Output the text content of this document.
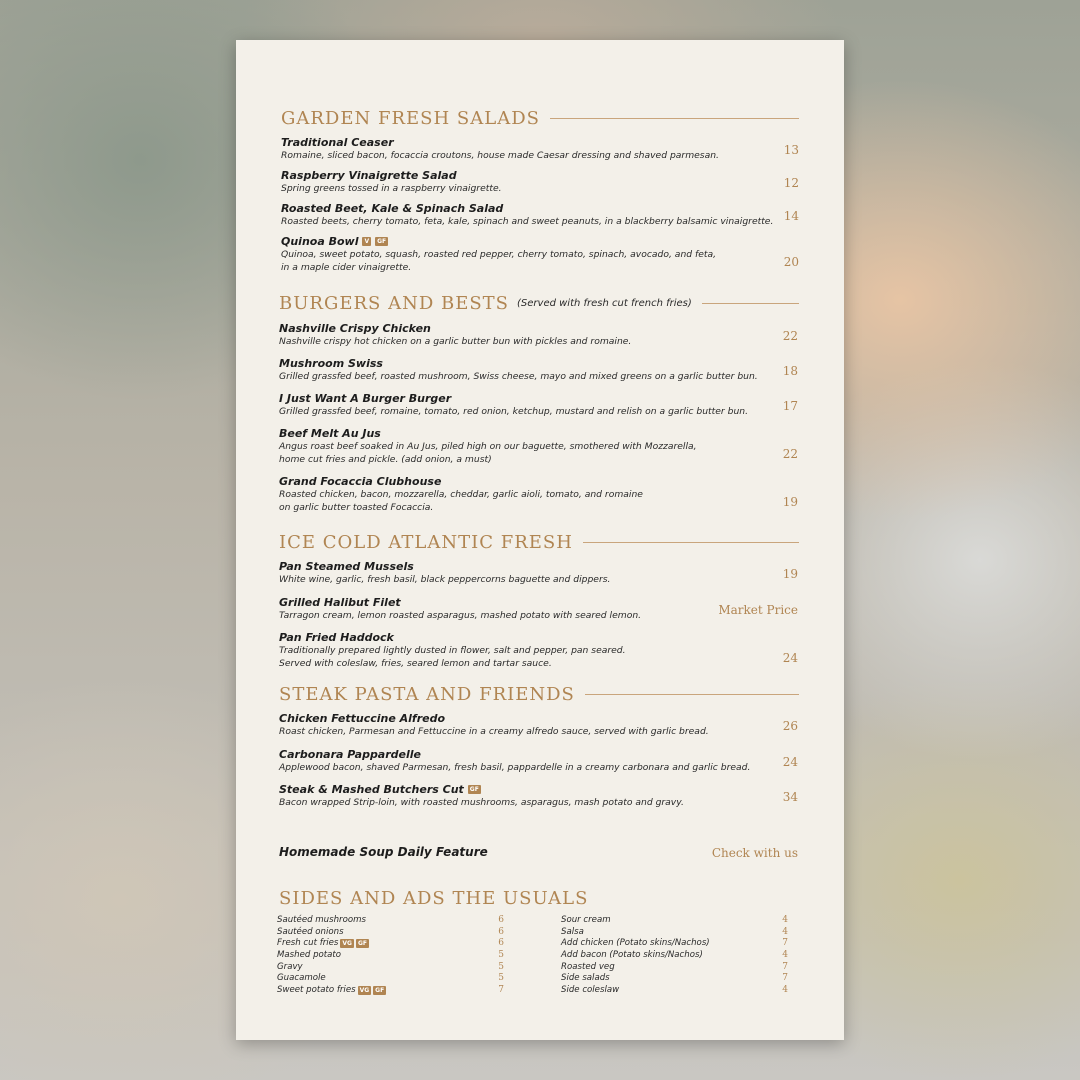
GARDEN FRESH SALADS
Traditional Ceaser
Romaine, sliced bacon, focaccia croutons, house made Caesar dressing and shaved parmesan.	13
Raspberry Vinaigrette Salad
Spring greens tossed in a raspberry vinaigrette.	12
Roasted Beet, Kale & Spinach Salad
Roasted beets, cherry tomato, feta, kale, spinach and sweet peanuts, in a blackberry balsamic vinaigrette. 14
Quinoa Bowl	V	GF
Quinoa, sweet potato, squash, roasted red pepper, cherry tomato, spinach, avocado, and feta,
in a maple cider vinaigrette.	20
BURGERS AND BESTS (Served with fresh cut french fries)
Nashville Crispy Chicken
Nashville crispy hot chicken on a garlic butter bun with pickles and romaine.	22
Mushroom Swiss
Grilled grassfed beef, roasted mushroom, Swiss cheese, mayo and mixed greens on a garlic butter bun. 18
I Just Want A Burger Burger
Grilled grassfed beef, romaine, tomato, red onion, ketchup, mustard and relish on a garlic butter bun.	17
Beef Melt Au Jus
Angus roast beef soaked in Au Jus, piled high on our baguette, smothered with Mozzarella,
home cut fries and pickle. (add onion, a must)	22
Grand Focaccia Clubhouse
Roasted chicken, bacon, mozzarella, cheddar, garlic aioli, tomato, and romaine
on garlic butter toasted Focaccia.	19
ICE COLD ATLANTIC FRESH
Pan Steamed Mussels
White wine, garlic, fresh basil, black peppercorns baguette and dippers.	19
Grilled Halibut Filet
Tarragon cream, lemon roasted asparagus, mashed potato with seared lemon.	Market Price
Pan Fried Haddock
Traditionally prepared lightly dusted in flower, salt and pepper, pan seared.
Served with coleslaw, fries, seared lemon and tartar sauce.	24
STEAK PASTA AND FRIENDS
Chicken Fettuccine Alfredo
Roast chicken, Parmesan and Fettuccine in a creamy alfredo sauce, served with garlic bread.	26
Carbonara Pappardelle
Applewood bacon, shaved Parmesan, fresh basil, pappardelle in a creamy carbonara and garlic bread.	24
Steak & Mashed Butchers Cut	GF
Bacon wrapped Strip-loin, with roasted mushrooms, asparagus, mash potato and gravy.	34
Homemade Soup Daily Feature	Check with us
SIDES AND ADS THE USUALS
Sautéed mushrooms	6
Sautéed onions	6
Fresh cut fries VG	GF	6
Mashed potato	5
Gravy	5
Guacamole	5
Sweet potato fries VG	GF	7
Sour cream	4
Salsa	4
Add chicken (Potato skins/Nachos)	7
Add bacon (Potato skins/Nachos)	4
Roasted veg	7
Side salads	7
Side coleslaw	4
